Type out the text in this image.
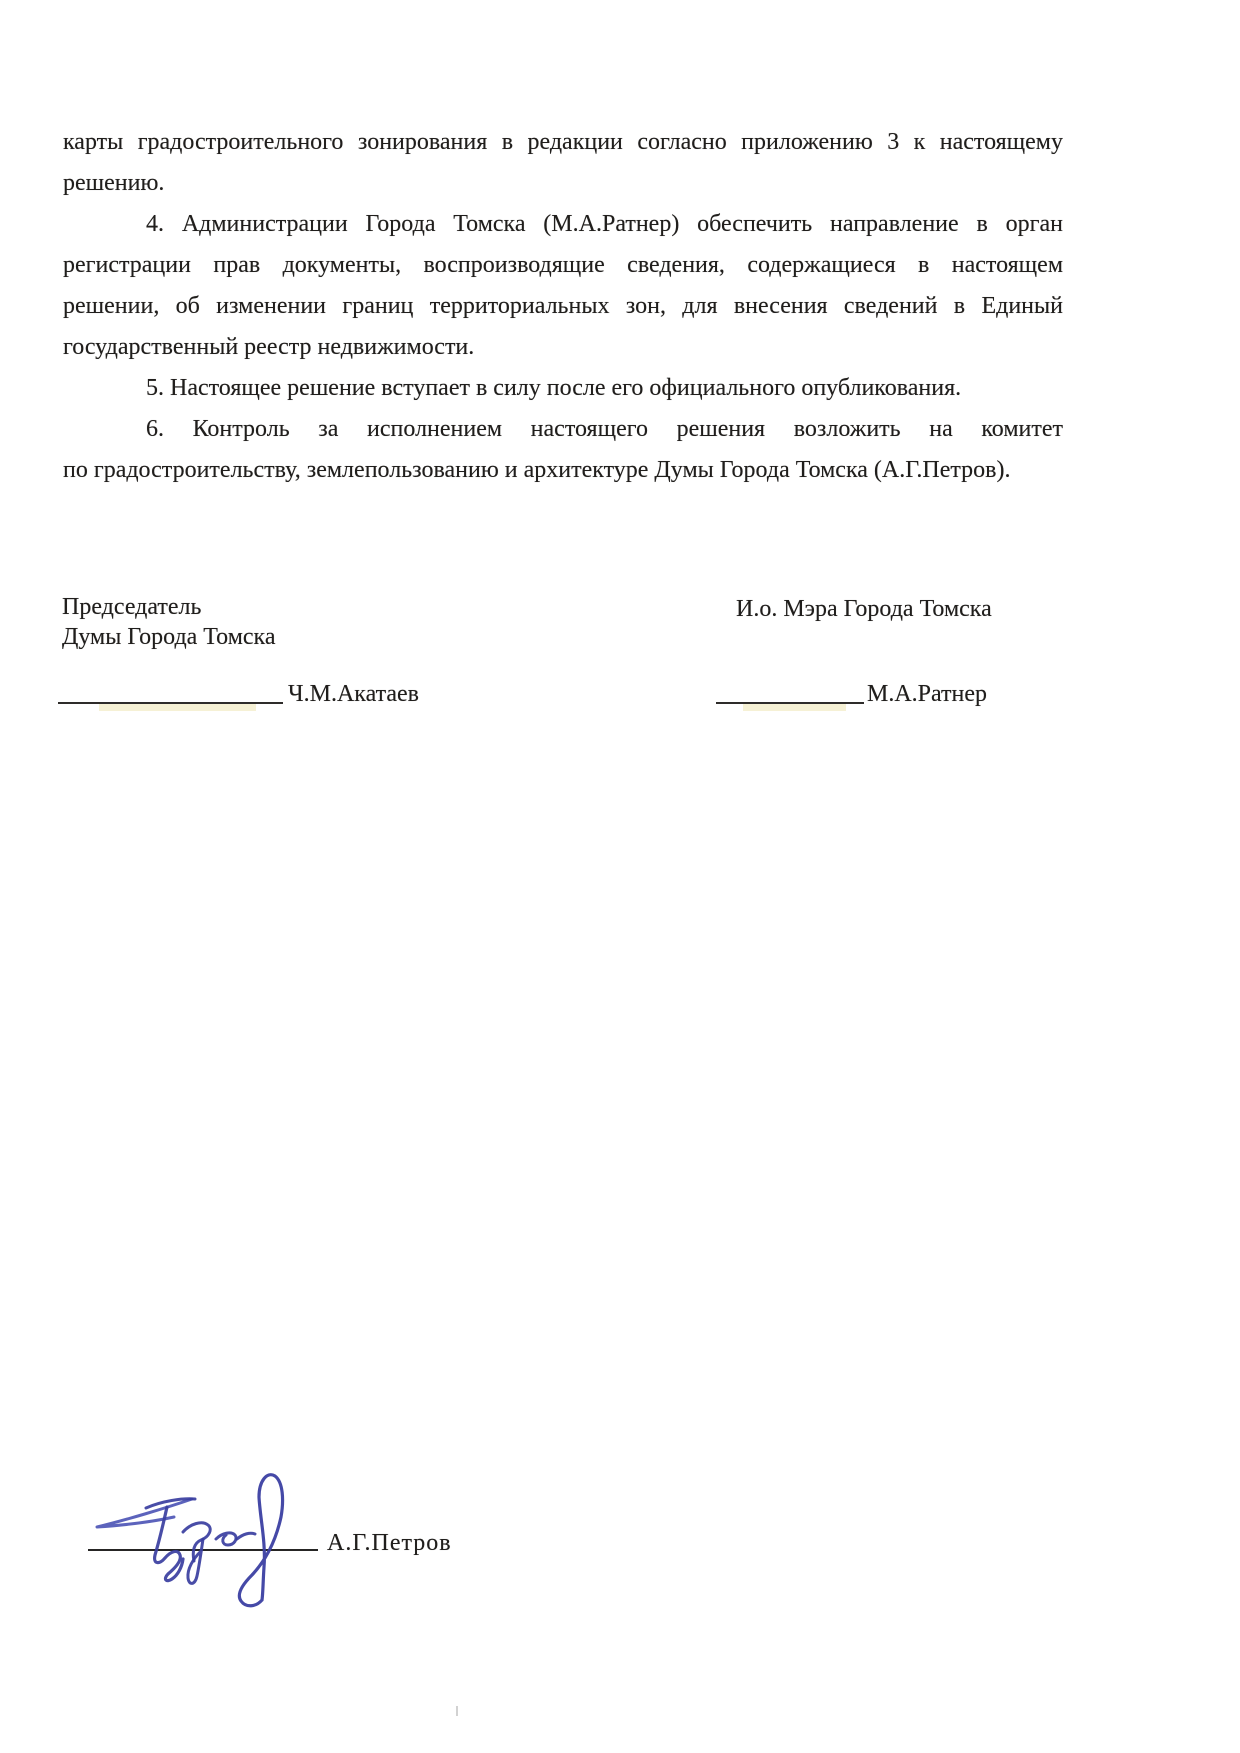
карты градостроительного зонирования в редакции согласно приложению 3 к настоящему
решению.
4. Администрации Города Томска (М.А.Ратнер) обеспечить направление в орган
регистрации прав документы, воспроизводящие сведения, содержащиеся в настоящем
решении, об изменении границ территориальных зон, для внесения сведений в Единый
государственный реестр недвижимости.
5. Настоящее решение вступает в силу после его официального опубликования.
6. Контроль за исполнением настоящего решения возложить на комитет
по градостроительству, землепользованию и архитектуре Думы Города Томска (А.Г.Петров).
Председатель
Думы Города Томска
И.о. Мэра Города Томска
Ч.М.Акатаев	М.А.Ратнер
А.Г.Петров
